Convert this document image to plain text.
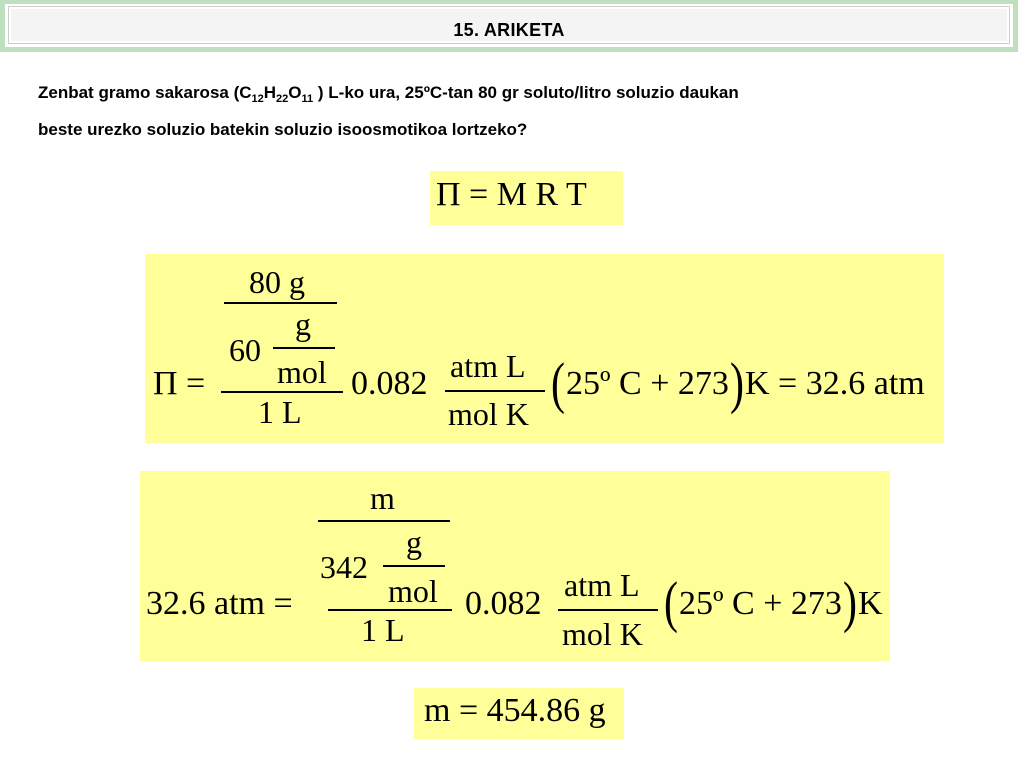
15. ARIKETA
Zenbat gramo sakarosa ($C_{12}H_{22}O_{11}$ ) L-ko ura, 25ºC-tan 80 gr soluto/litro soluzio daukan
beste urezko soluzio batekin soluzio isoosmotikoa lortzeko?
Π = M R T
Π =
80 g
60
g
mol
1 L
0.082 atm L
mol K ( 25º C + 273 ) K = 32.6 atm
32.6 atm =
m
342
g
mol
1 L
0.082 atm L
mol K ( 25º C + 273 ) K
m = 454.86 g
